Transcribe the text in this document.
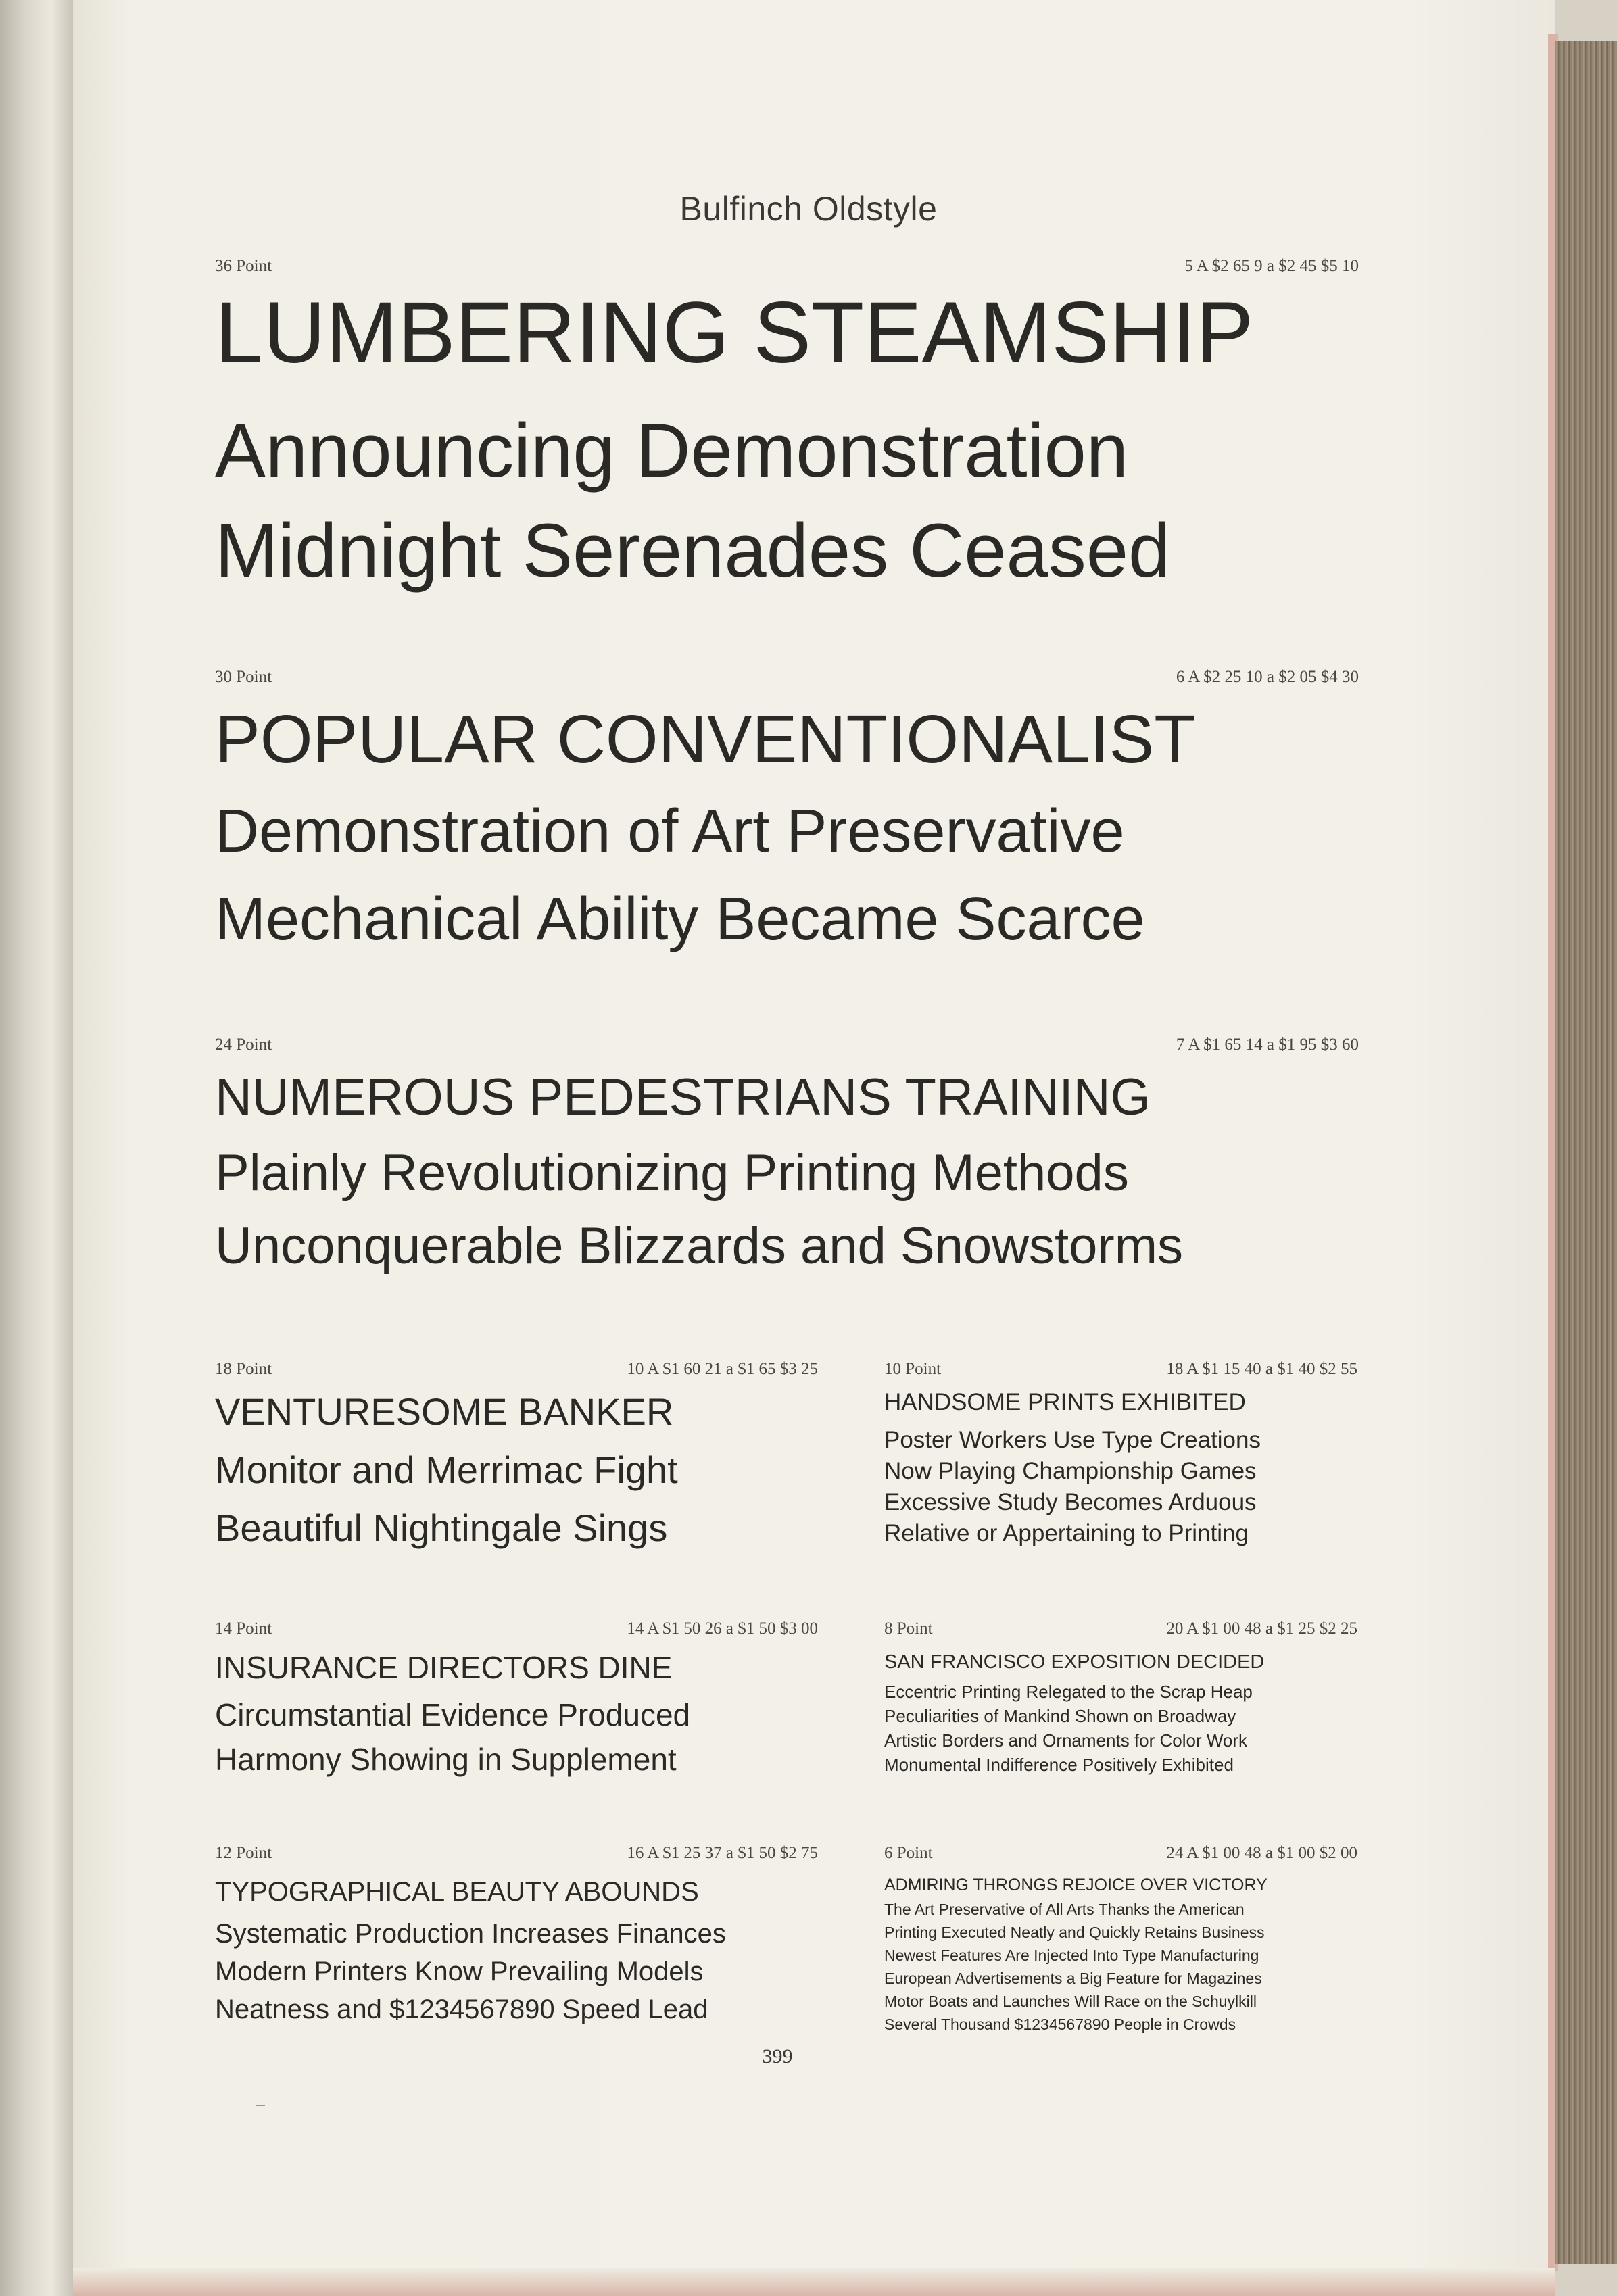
Bulfinch Oldstyle
36 Point	5 A $2 65 9 a $2 45 $5 10
LUMBERING STEAMSHIP
Announcing Demonstration
Midnight Serenades Ceased
30 Point	6 A $2 25 10 a $2 05 $4 30
POPULAR CONVENTIONALIST
Demonstration of Art Preservative
Mechanical Ability Became Scarce
24 Point	7 A $1 65 14 a $1 95 $3 60
NUMEROUS PEDESTRIANS TRAINING
Plainly Revolutionizing Printing Methods
Unconquerable Blizzards and Snowstorms
18 Point	10 A $1 60 21 a $1 65 $3 25
VENTURESOME BANKER
Monitor and Merrimac Fight
Beautiful Nightingale Sings
10 Point	18 A $1 15 40 a $1 40 $2 55
HANDSOME PRINTS EXHIBITED
Poster Workers Use Type Creations
Now Playing Championship Games
Excessive Study Becomes Arduous
Relative or Appertaining to Printing
14 Point	14 A $1 50 26 a $1 50 $3 00
INSURANCE DIRECTORS DINE
Circumstantial Evidence Produced
Harmony Showing in Supplement
8 Point	20 A $1 00 48 a $1 25 $2 25
SAN FRANCISCO EXPOSITION DECIDED
Eccentric Printing Relegated to the Scrap Heap
Peculiarities of Mankind Shown on Broadway
Artistic Borders and Ornaments for Color Work
Monumental Indifference Positively Exhibited
12 Point	16 A $1 25 37 a $1 50 $2 75
TYPOGRAPHICAL BEAUTY ABOUNDS
Systematic Production Increases Finances
Modern Printers Know Prevailing Models
Neatness and $1234567890 Speed Lead
6 Point	24 A $1 00 48 a $1 00 $2 00
ADMIRING THRONGS REJOICE OVER VICTORY
The Art Preservative of All Arts Thanks the American
Printing Executed Neatly and Quickly Retains Business
Newest Features Are Injected Into Type Manufacturing
European Advertisements a Big Feature for Magazines
Motor Boats and Launches Will Race on the Schuylkill
Several Thousand $1234567890 People in Crowds
399
